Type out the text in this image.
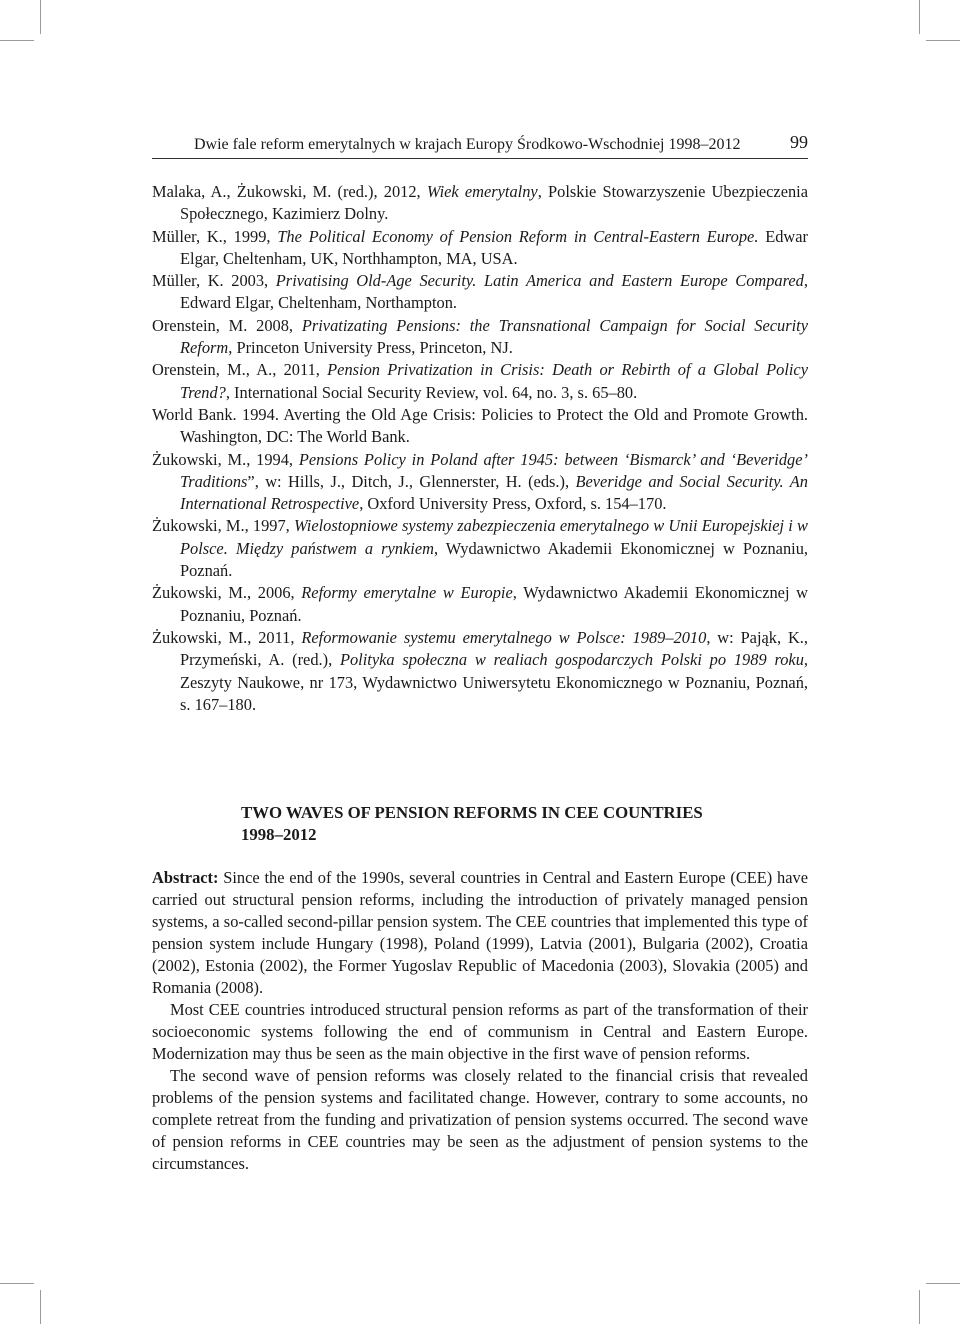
Dwie fale reform emerytalnych w krajach Europy Środkowo-Wschodniej 1998–2012	99

Malaka, A., Żukowski, M. (red.), 2012, Wiek emerytalny, Polskie Stowarzyszenie Ubezpieczenia Społecznego, Kazimierz Dolny.

Müller, K., 1999, The Political Economy of Pension Reform in Central-Eastern Europe. Edwar Elgar, Cheltenham, UK, Northhampton, MA, USA.

Müller, K. 2003, Privatising Old-Age Security. Latin America and Eastern Europe Compared, Edward Elgar, Cheltenham, Northampton.

Orenstein, M. 2008, Privatizating Pensions: the Transnational Campaign for Social Security Reform, Princeton University Press, Princeton, NJ.

Orenstein, M., A., 2011, Pension Privatization in Crisis: Death or Rebirth of a Global Policy Trend?, International Social Security Review, vol. 64, no. 3, s. 65–80.

World Bank. 1994. Averting the Old Age Crisis: Policies to Protect the Old and Promote Growth. Washington, DC: The World Bank.

Żukowski, M., 1994, Pensions Policy in Poland after 1945: between ‘Bismarck’ and ‘Beveridge’ Traditions”, w: Hills, J., Ditch, J., Glennerster, H. (eds.), Beveridge and Social Security. An International Retrospective, Oxford University Press, Oxford, s. 154–170.

Żukowski, M., 1997, Wielostopniowe systemy zabezpieczenia emerytalnego w Unii Europejskiej i w Polsce. Między państwem a rynkiem, Wydawnictwo Akademii Ekonomicznej w Poznaniu, Poznań.

Żukowski, M., 2006, Reformy emerytalne w Europie, Wydawnictwo Akademii Ekonomicznej w Poznaniu, Poznań.

Żukowski, M., 2011, Reformowanie systemu emerytalnego w Polsce: 1989–2010, w: Pająk, K., Przymeński, A. (red.), Polityka społeczna w realiach gospodarczych Polski po 1989 roku, Zeszyty Naukowe, nr 173, Wydawnictwo Uniwersytetu Ekonomicznego w Poznaniu, Poznań, s. 167–180.

TWO WAVES OF PENSION REFORMS IN CEE COUNTRIES
1998–2012

Abstract: Since the end of the 1990s, several countries in Central and Eastern Europe (CEE) have carried out structural pension reforms, including the introduction of privately managed pension systems, a so-called second-pillar pension system. The CEE countries that implemented this type of pension system include Hungary (1998), Poland (1999), Latvia (2001), Bulgaria (2002), Croatia (2002), Estonia (2002), the Former Yugoslav Republic of Macedonia (2003), Slovakia (2005) and Romania (2008).

Most CEE countries introduced structural pension reforms as part of the transformation of their socioeconomic systems following the end of communism in Central and Eastern Europe. Modernization may thus be seen as the main objective in the first wave of pension reforms.

The second wave of pension reforms was closely related to the financial crisis that revealed problems of the pension systems and facilitated change. However, contrary to some accounts, no complete retreat from the funding and privatization of pension systems occurred. The second wave of pension reforms in CEE countries may be seen as the adjustment of pension systems to the circumstances.
